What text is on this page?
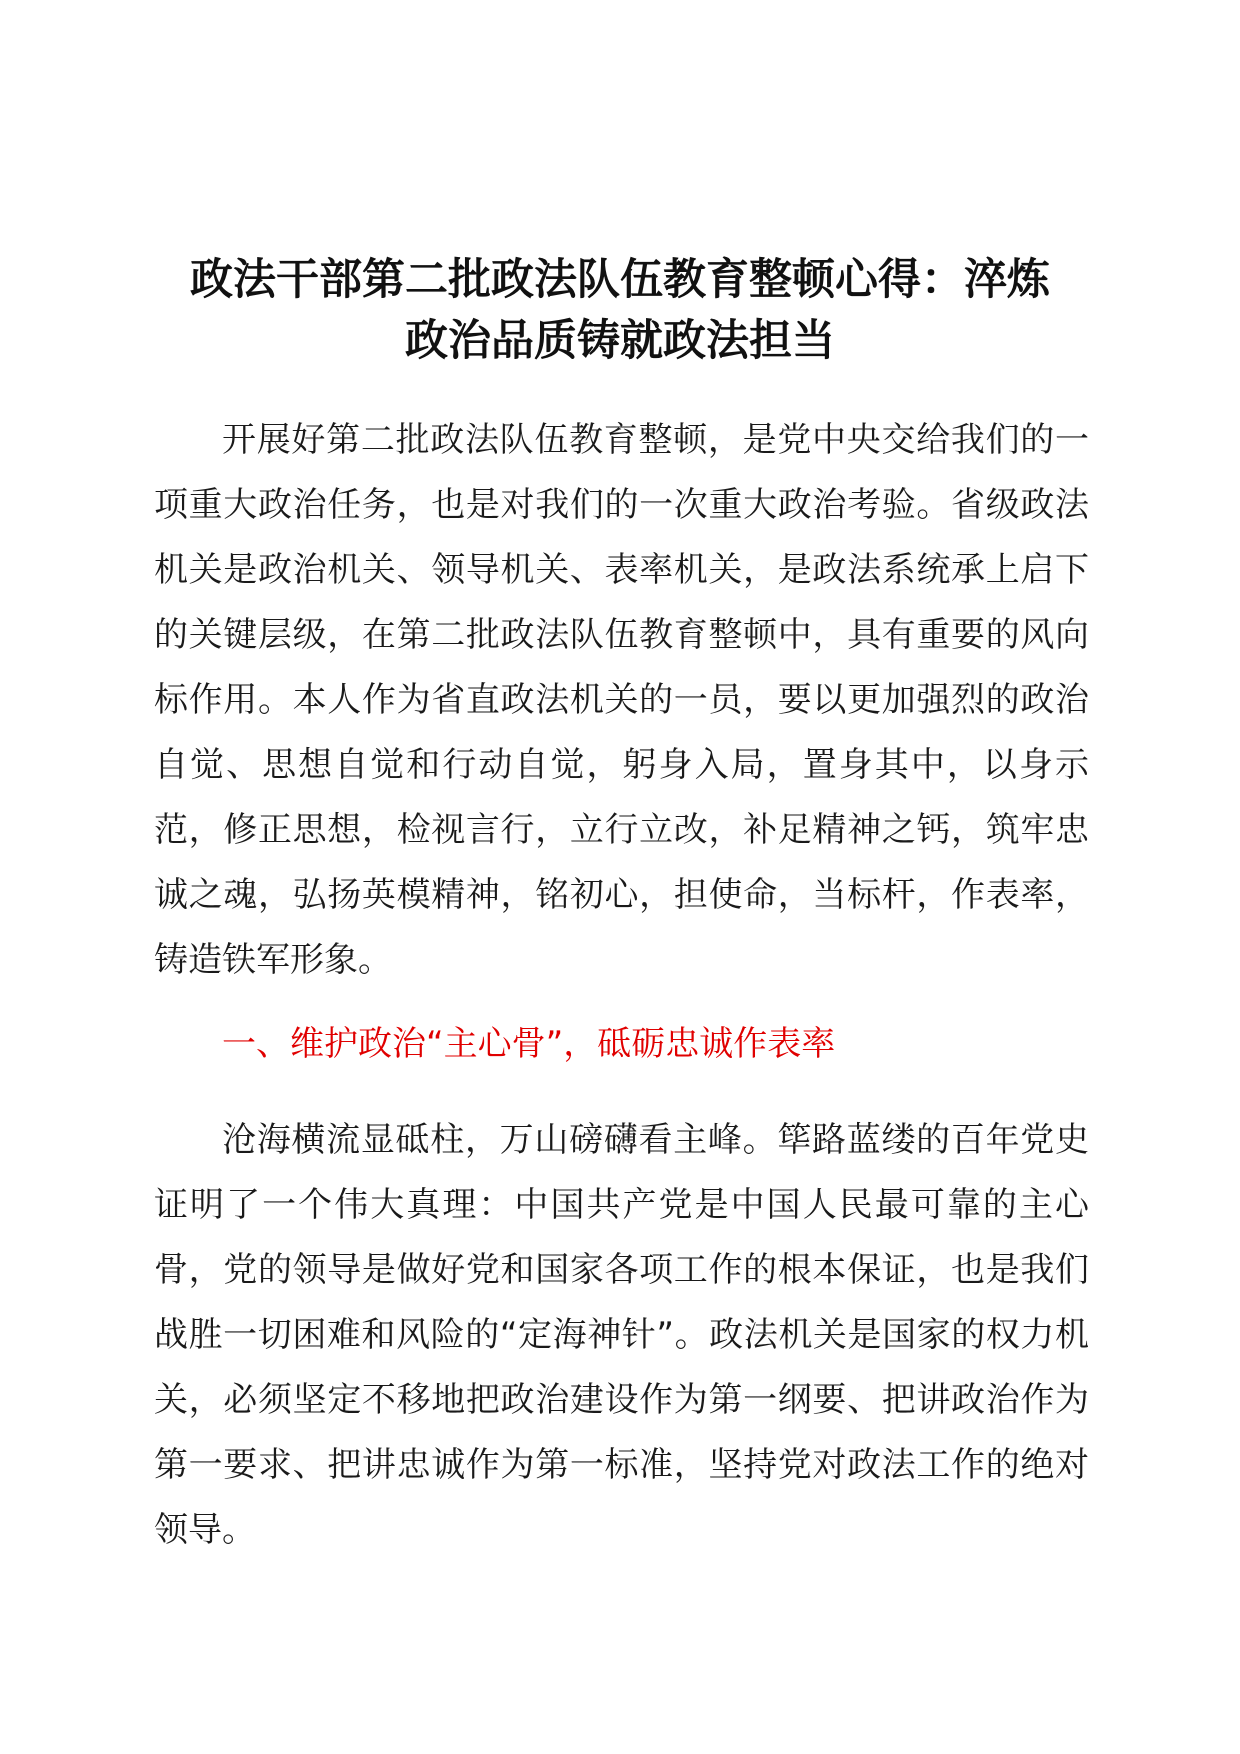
政法干部第二批政法队伍教育整顿心得：淬炼
政治品质铸就政法担当

开展好第二批政法队伍教育整顿，是党中央交给我们的一项重大政治任务，也是对我们的一次重大政治考验。省级政法机关是政治机关、领导机关、表率机关，是政法系统承上启下的关键层级，在第二批政法队伍教育整顿中，具有重要的风向标作用。本人作为省直政法机关的一员，要以更加强烈的政治自觉、思想自觉和行动自觉，躬身入局，置身其中，以身示范，修正思想，检视言行，立行立改，补足精神之钙，筑牢忠诚之魂，弘扬英模精神，铭初心，担使命，当标杆，作表率，铸造铁军形象。

一、维护政治“主心骨”，砥砺忠诚作表率

沧海横流显砥柱，万山磅礴看主峰。筚路蓝缕的百年党史证明了一个伟大真理：中国共产党是中国人民最可靠的主心骨，党的领导是做好党和国家各项工作的根本保证，也是我们战胜一切困难和风险的“定海神针”。政法机关是国家的权力机关，必须坚定不移地把政治建设作为第一纲要、把讲政治作为第一要求、把讲忠诚作为第一标准，坚持党对政法工作的绝对领导。
